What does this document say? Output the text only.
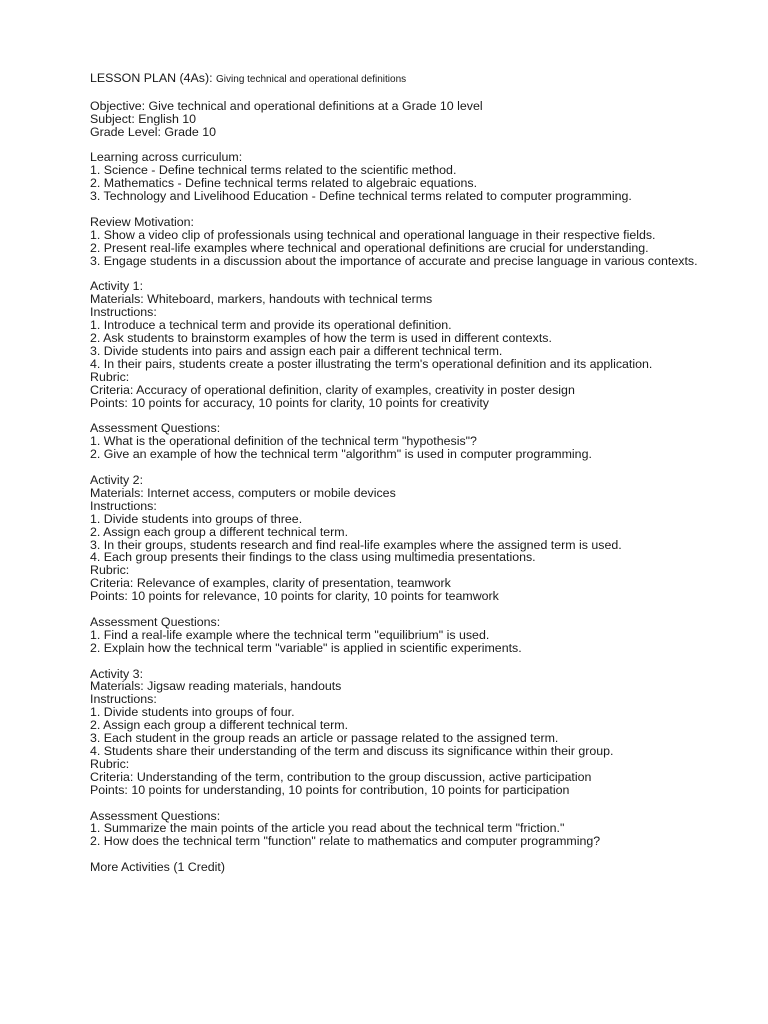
LESSON PLAN (4As): Giving technical and operational definitions
Objective: Give technical and operational definitions at a Grade 10 level
Subject: English 10
Grade Level: Grade 10
Learning across curriculum:
1. Science - Define technical terms related to the scientific method.
2. Mathematics - Define technical terms related to algebraic equations.
3. Technology and Livelihood Education - Define technical terms related to computer programming.
Review Motivation:
1. Show a video clip of professionals using technical and operational language in their respective fields.
2. Present real-life examples where technical and operational definitions are crucial for understanding.
3. Engage students in a discussion about the importance of accurate and precise language in various contexts.
Activity 1:
Materials: Whiteboard, markers, handouts with technical terms
Instructions:
1. Introduce a technical term and provide its operational definition.
2. Ask students to brainstorm examples of how the term is used in different contexts.
3. Divide students into pairs and assign each pair a different technical term.
4. In their pairs, students create a poster illustrating the term's operational definition and its application.
Rubric:
Criteria: Accuracy of operational definition, clarity of examples, creativity in poster design
Points: 10 points for accuracy, 10 points for clarity, 10 points for creativity
Assessment Questions:
1. What is the operational definition of the technical term "hypothesis"?
2. Give an example of how the technical term "algorithm" is used in computer programming.
Activity 2:
Materials: Internet access, computers or mobile devices
Instructions:
1. Divide students into groups of three.
2. Assign each group a different technical term.
3. In their groups, students research and find real-life examples where the assigned term is used.
4. Each group presents their findings to the class using multimedia presentations.
Rubric:
Criteria: Relevance of examples, clarity of presentation, teamwork
Points: 10 points for relevance, 10 points for clarity, 10 points for teamwork
Assessment Questions:
1. Find a real-life example where the technical term "equilibrium" is used.
2. Explain how the technical term "variable" is applied in scientific experiments.
Activity 3:
Materials: Jigsaw reading materials, handouts
Instructions:
1. Divide students into groups of four.
2. Assign each group a different technical term.
3. Each student in the group reads an article or passage related to the assigned term.
4. Students share their understanding of the term and discuss its significance within their group.
Rubric:
Criteria: Understanding of the term, contribution to the group discussion, active participation
Points: 10 points for understanding, 10 points for contribution, 10 points for participation
Assessment Questions:
1. Summarize the main points of the article you read about the technical term "friction."
2. How does the technical term "function" relate to mathematics and computer programming?
More Activities (1 Credit)
